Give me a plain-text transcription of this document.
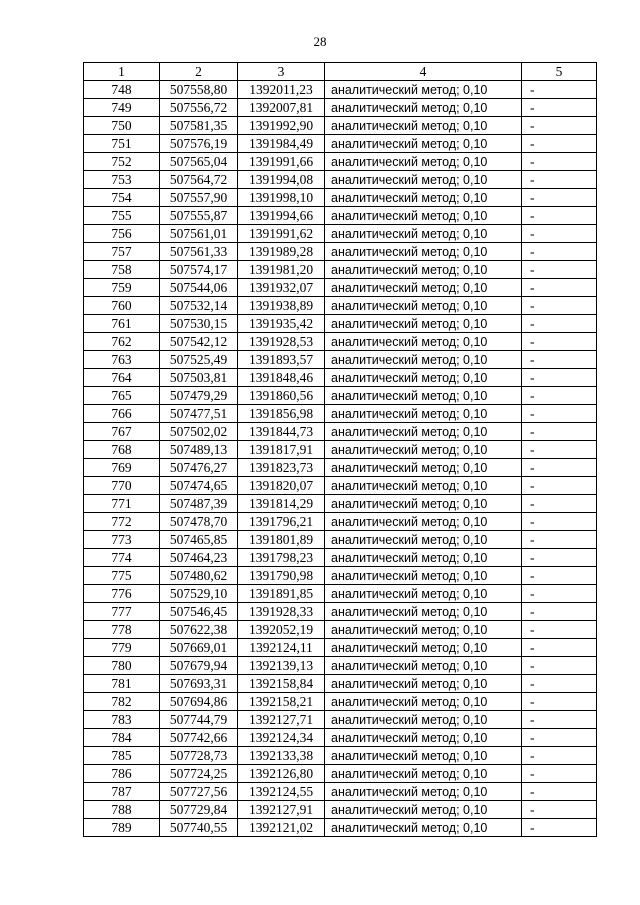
28
1	2	3	4	5
748	507558,80	1392011,23	аналитический метод; 0,10	-
749	507556,72	1392007,81	аналитический метод; 0,10	-
750	507581,35	1391992,90	аналитический метод; 0,10	-
751	507576,19	1391984,49	аналитический метод; 0,10	-
752	507565,04	1391991,66	аналитический метод; 0,10	-
753	507564,72	1391994,08	аналитический метод; 0,10	-
754	507557,90	1391998,10	аналитический метод; 0,10	-
755	507555,87	1391994,66	аналитический метод; 0,10	-
756	507561,01	1391991,62	аналитический метод; 0,10	-
757	507561,33	1391989,28	аналитический метод; 0,10	-
758	507574,17	1391981,20	аналитический метод; 0,10	-
759	507544,06	1391932,07	аналитический метод; 0,10	-
760	507532,14	1391938,89	аналитический метод; 0,10	-
761	507530,15	1391935,42	аналитический метод; 0,10	-
762	507542,12	1391928,53	аналитический метод; 0,10	-
763	507525,49	1391893,57	аналитический метод; 0,10	-
764	507503,81	1391848,46	аналитический метод; 0,10	-
765	507479,29	1391860,56	аналитический метод; 0,10	-
766	507477,51	1391856,98	аналитический метод; 0,10	-
767	507502,02	1391844,73	аналитический метод; 0,10	-
768	507489,13	1391817,91	аналитический метод; 0,10	-
769	507476,27	1391823,73	аналитический метод; 0,10	-
770	507474,65	1391820,07	аналитический метод; 0,10	-
771	507487,39	1391814,29	аналитический метод; 0,10	-
772	507478,70	1391796,21	аналитический метод; 0,10	-
773	507465,85	1391801,89	аналитический метод; 0,10	-
774	507464,23	1391798,23	аналитический метод; 0,10	-
775	507480,62	1391790,98	аналитический метод; 0,10	-
776	507529,10	1391891,85	аналитический метод; 0,10	-
777	507546,45	1391928,33	аналитический метод; 0,10	-
778	507622,38	1392052,19	аналитический метод; 0,10	-
779	507669,01	1392124,11	аналитический метод; 0,10	-
780	507679,94	1392139,13	аналитический метод; 0,10	-
781	507693,31	1392158,84	аналитический метод; 0,10	-
782	507694,86	1392158,21	аналитический метод; 0,10	-
783	507744,79	1392127,71	аналитический метод; 0,10	-
784	507742,66	1392124,34	аналитический метод; 0,10	-
785	507728,73	1392133,38	аналитический метод; 0,10	-
786	507724,25	1392126,80	аналитический метод; 0,10	-
787	507727,56	1392124,55	аналитический метод; 0,10	-
788	507729,84	1392127,91	аналитический метод; 0,10	-
789	507740,55	1392121,02	аналитический метод; 0,10	-
